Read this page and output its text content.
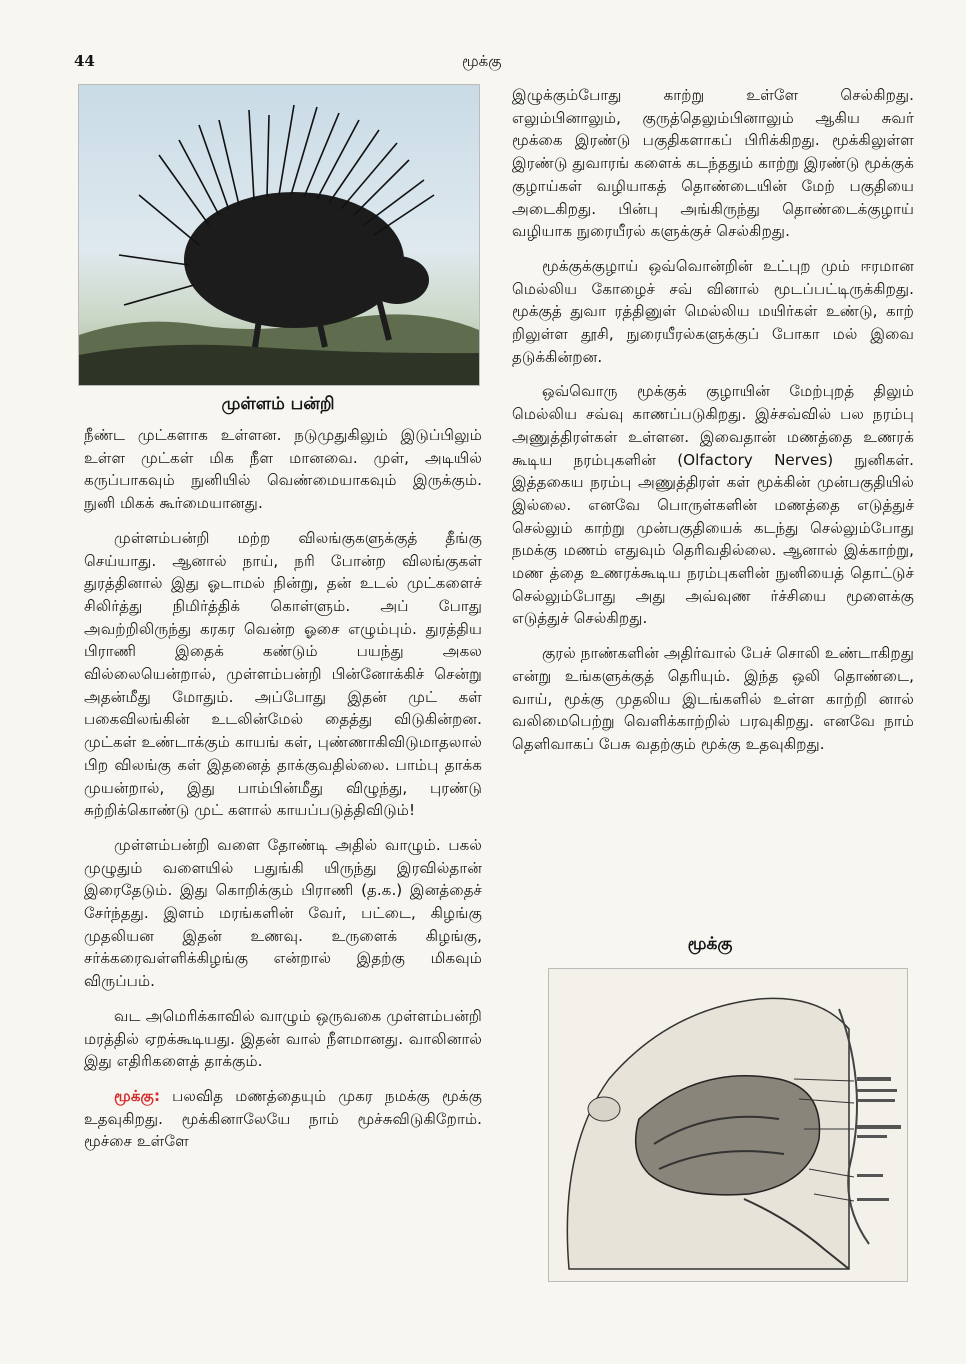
44	மூக்கு
முள்ளம் பன்றி

நீண்ட முட்களாக உள்ளன. நடுமுதுகிலும் இடுப்பிலும் உள்ள முட்கள் மிக நீள மானவை. முள், அடியில் கருப்பாகவும் நுனியில் வெண்மையாகவும் இருக்கும். நுனி மிகக் கூர்மையானது.

முள்ளம்பன்றி மற்ற விலங்குகளுக்குத் தீங்கு செய்யாது. ஆனால் நாய், நரி போன்ற விலங்குகள் துரத்தினால் இது ஓடாமல் நின்று, தன் உடல் முட்களைச் சிலிர்த்து நிமிர்த்திக் கொள்ளும். அப் போது அவற்றிலிருந்து கரகர வென்ற ஓசை எழும்பும். துரத்திய பிராணி இதைக் கண்டும் பயந்து அகல வில்லையென்றால், முள்ளம்பன்றி பின்னோக்கிச் சென்று அதன்மீது மோதும். அப்போது இதன் முட் கள் பகைவிலங்கின் உடலின்மேல் தைத்து விடுகின்றன. முட்கள் உண்டாக்கும் காயங் கள், புண்ணாகிவிடுமாதலால் பிற விலங்கு கள் இதனைத் தாக்குவதில்லை. பாம்பு தாக்க முயன்றால், இது பாம்பின்மீது விழுந்து, புரண்டு சுற்றிக்கொண்டு முட் களால் காயப்படுத்திவிடும்!

முள்ளம்பன்றி வளை தோண்டி அதில் வாழும். பகல் முழுதும் வளையில் பதுங்கி யிருந்து இரவில்தான் இரைதேடும். இது கொறிக்கும் பிராணி (த.க.) இனத்தைச் சேர்ந்தது. இளம் மரங்களின் வேர், பட்டை, கிழங்கு முதலியன இதன் உணவு. உருளைக் கிழங்கு, சர்க்கரைவள்ளிக்கிழங்கு என்றால் இதற்கு மிகவும் விருப்பம்.

வட அமெரிக்காவில் வாழும் ஒருவகை முள்ளம்பன்றி மரத்தில் ஏறக்கூடியது. இதன் வால் நீளமானது. வாலினால் இது எதிரிகளைத் தாக்கும்.

மூக்கு: பலவித மணத்தையும் முகர நமக்கு மூக்கு உதவுகிறது. மூக்கினாலேயே நாம் மூச்சுவிடுகிறோம். மூச்சை உள்ளே

இழுக்கும்போது காற்று உள்ளே செல்கிறது. எலும்பினாலும், குருத்தெலும்பினாலும் ஆகிய சுவர் மூக்கை இரண்டு பகுதிகளாகப் பிரிக்கிறது. மூக்கிலுள்ள இரண்டு துவாரங் களைக் கடந்ததும் காற்று இரண்டு மூக்குக் குழாய்கள் வழியாகத் தொண்டையின் மேற் பகுதியை அடைகிறது. பின்பு அங்கிருந்து தொண்டைக்குழாய் வழியாக நுரையீரல் களுக்குச் செல்கிறது.

மூக்குக்குழாய் ஒவ்வொன்றின் உட்புற மும் ஈரமான மெல்லிய கோழைச் சவ் வினால் மூடப்பட்டிருக்கிறது. மூக்குத் துவா ரத்தினுள் மெல்லிய மயிர்கள் உண்டு, காற் றிலுள்ள தூசி, நுரையீரல்களுக்குப் போகா மல் இவை தடுக்கின்றன.

ஒவ்வொரு மூக்குக் குழாயின் மேற்புறத் திலும் மெல்லிய சவ்வு காணப்படுகிறது. இச்சவ்வில் பல நரம்பு அணுத்திரள்கள் உள்ளன. இவைதான் மணத்தை உணரக் கூடிய நரம்புகளின் (Olfactory Nerves) நுனிகள். இத்தகைய நரம்பு அணுத்திரள் கள் மூக்கின் முன்பகுதியில் இல்லை. எனவே பொருள்களின் மணத்தை எடுத்துச் செல்லும் காற்று முன்பகுதியைக் கடந்து செல்லும்போது நமக்கு மணம் எதுவும் தெரிவதில்லை. ஆனால் இக்காற்று, மண த்தை உணரக்கூடிய நரம்புகளின் நுனியைத் தொட்டுச் செல்லும்போது அது அவ்வுண ர்ச்சியை மூளைக்கு எடுத்துச் செல்கிறது.

குரல் நாண்களின் அதிர்வால் பேச் சொலி உண்டாகிறது என்று உங்களுக்குத் தெரியும். இந்த ஒலி தொண்டை, வாய், மூக்கு முதலிய இடங்களில் உள்ள காற்றி னால் வலிமைபெற்று வெளிக்காற்றில் பரவுகிறது. எனவே நாம் தெளிவாகப் பேசு வதற்கும் மூக்கு உதவுகிறது.

மூக்கு
